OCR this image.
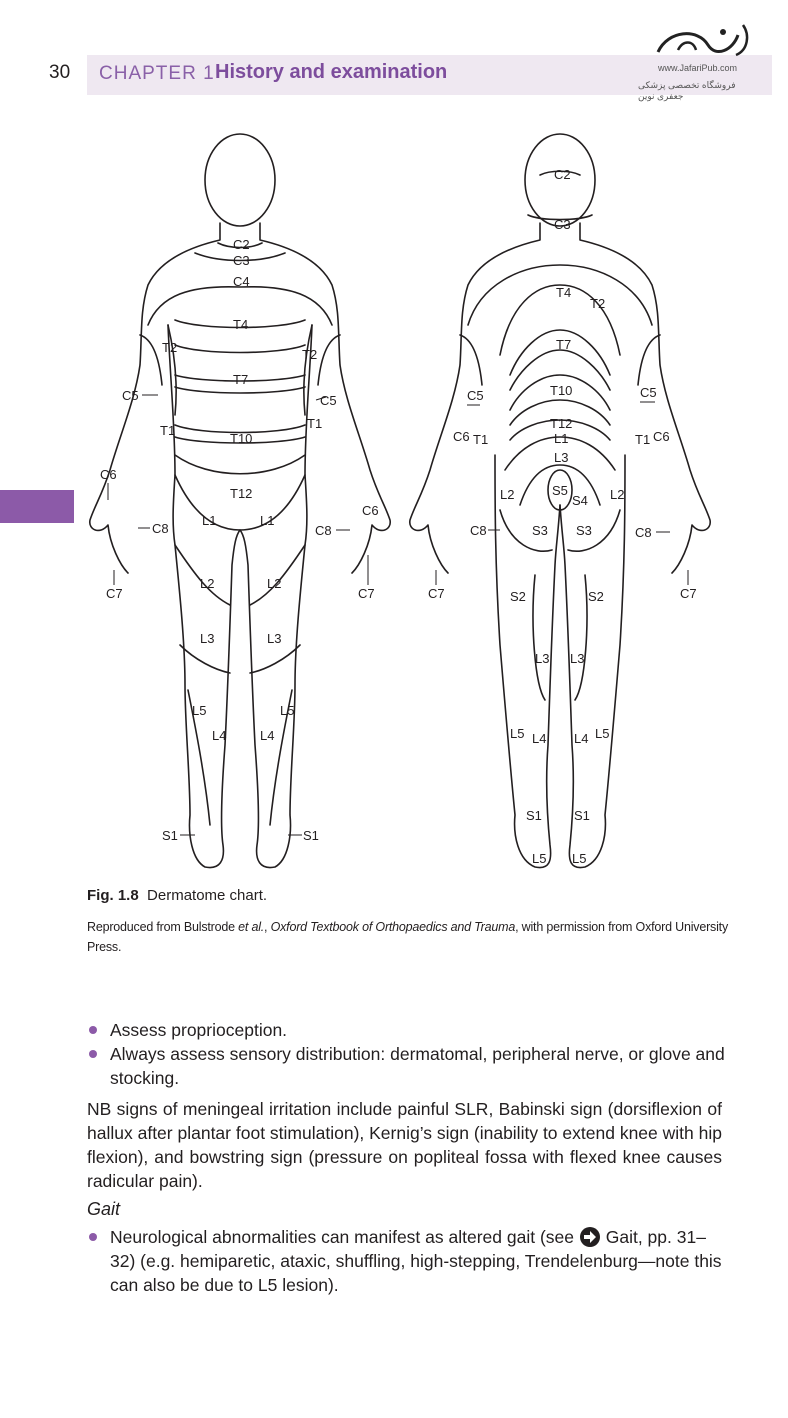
30 CHAPTER 1 History and examination	www.JafariPub.com
فروشگاه تخصصی پزشکی جعفری نوین
C2
C3
C4
T4
T2	T2
T7
C5	C5
T1	T1
T10
C6
T12
C6
L1	L1
C8	C8
L2	L2
C7	C7
L3	L3
L5	L5
L4	L4
S1	S1
C2
C3
T4
T2
T7
C5	C5
T10
T12
L1
C6 T1	T1 C6
L3
L2	S5
S4 L2
S3 S3
C8	C8
C7	C7
S2	S2
L3 L3
L5 L4 L4 L5
S1 S1
L5 L5
Fig. 1.8 Dermatome chart.
Reproduced from Bulstrode et al., Oxford Textbook of Orthopaedics and Trauma, with permission from Oxford University Press.
Assess proprioception.
Always assess sensory distribution: dermatomal, peripheral nerve, or glove and stocking.

NB signs of meningeal irritation include painful SLR, Babinski sign (dorsiflexion of hallux after plantar foot stimulation), Kernig’s sign (inability to extend knee with hip flexion), and bowstring sign (pressure on popliteal fossa with flexed knee causes radicular pain).

Gait
Neurological abnormalities can manifest as altered gait (see  Gait, pp. 31–32) (e.g. hemiparetic, ataxic, shuffling, high-stepping, Trendelenburg—note this can also be due to L5 lesion).
